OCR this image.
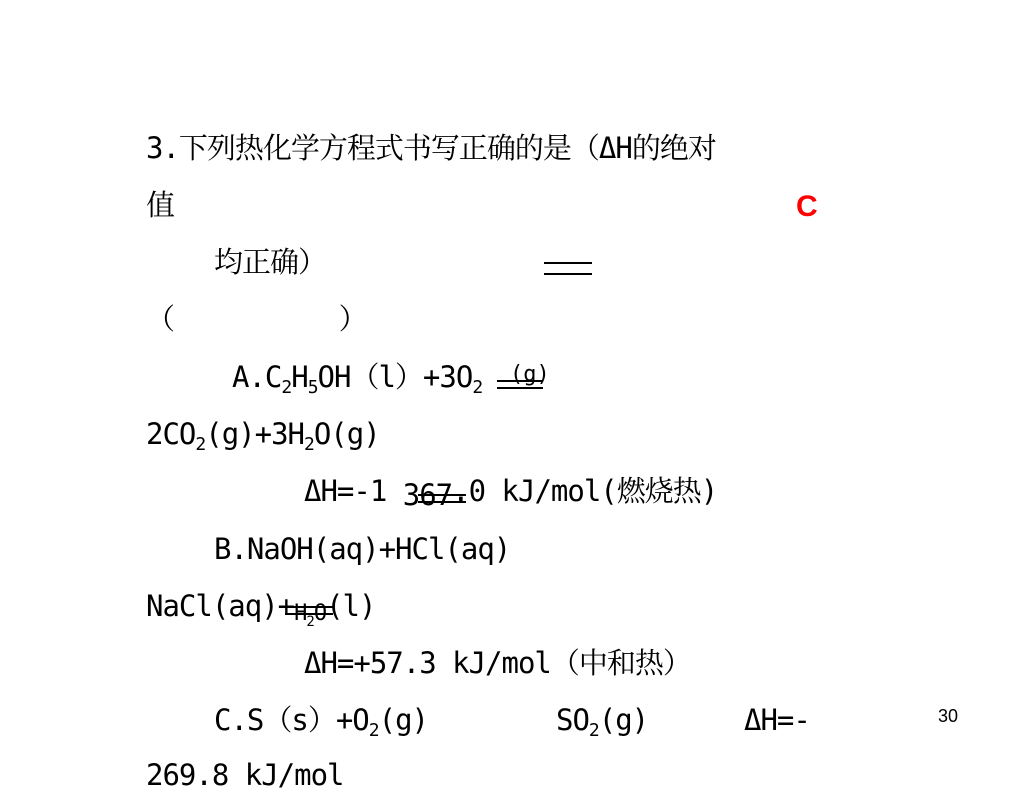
3.下列热化学方程式书写正确的是（ΔH的绝对
值	C
均正确）
（          ）
$A.C_2H_5OH(l)+3O_2$
(g)
$2CO_2(g)+3H_2O(g)$
ΔH=-1 367.0 kJ/mol(燃烧热)
B.NaOH(aq)+HCl(aq)
$NaCl(aq)+H_2O(l)$
ΔH=+57.3 kJ/mol（中和热）
$C.S(s)+O_2(g)$	$SO_2(g)$	ΔH=-
269.8 kJ/mol
30
